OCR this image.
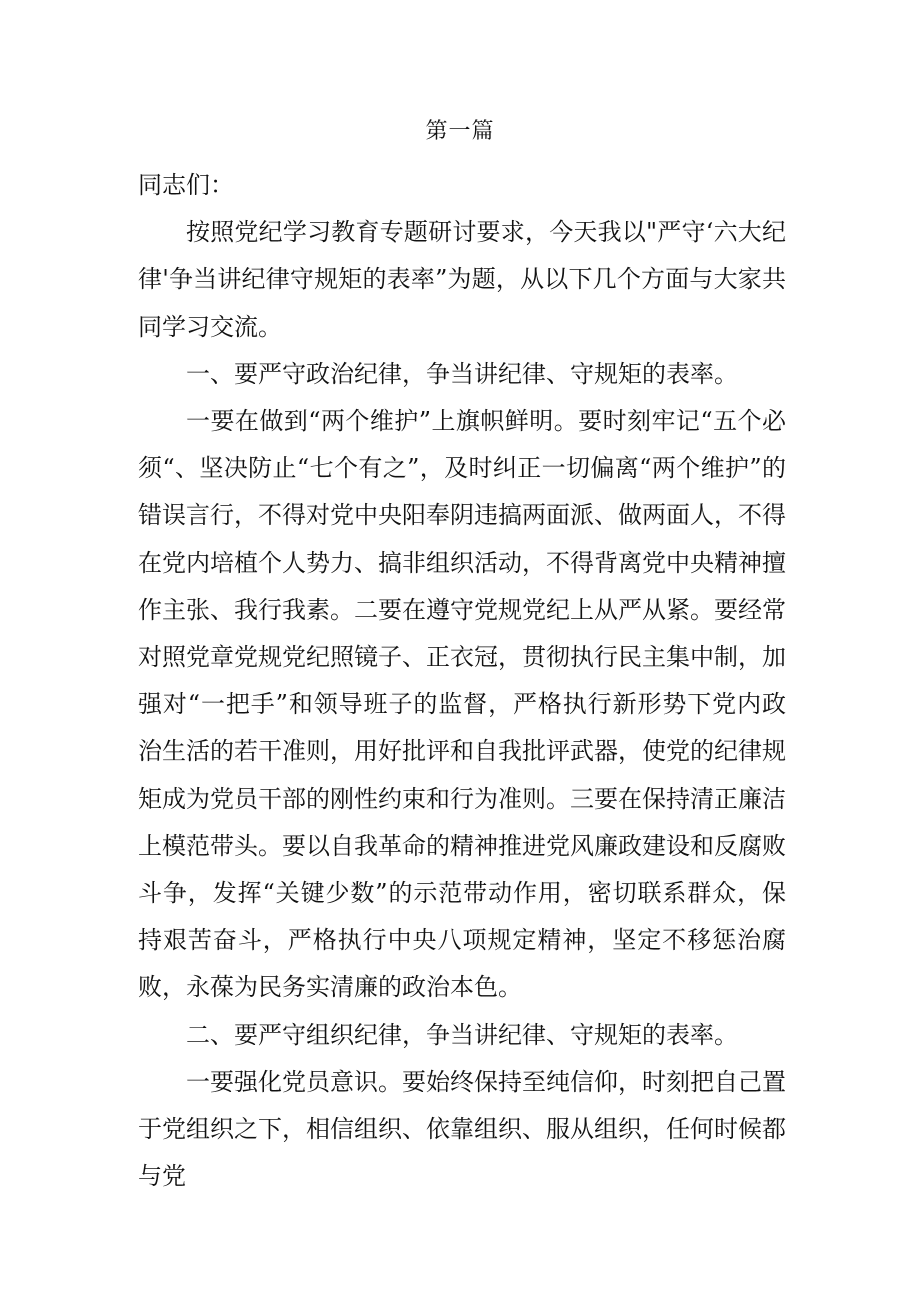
第一篇

同志们：

按照党纪学习教育专题研讨要求，今天我以"严守‘六大纪律'争当讲纪律守规矩的表率”为题，从以下几个方面与大家共同学习交流。

一、要严守政治纪律，争当讲纪律、守规矩的表率。

一要在做到“两个维护”上旗帜鲜明。要时刻牢记“五个必须“、坚决防止“七个有之”，及时纠正一切偏离“两个维护”的错误言行，不得对党中央阳奉阴违搞两面派、做两面人，不得在党内培植个人势力、搞非组织活动，不得背离党中央精神擅作主张、我行我素。二要在遵守党规党纪上从严从紧。要经常对照党章党规党纪照镜子、正衣冠，贯彻执行民主集中制，加强对“一把手”和领导班子的监督，严格执行新形势下党内政治生活的若干准则，用好批评和自我批评武器，使党的纪律规矩成为党员干部的刚性约束和行为准则。三要在保持清正廉洁上模范带头。要以自我革命的精神推进党风廉政建设和反腐败斗争，发挥“关键少数”的示范带动作用，密切联系群众，保持艰苦奋斗，严格执行中央八项规定精神，坚定不移惩治腐败，永葆为民务实清廉的政治本色。

二、要严守组织纪律，争当讲纪律、守规矩的表率。

一要强化党员意识。要始终保持至纯信仰，时刻把自己置于党组织之下，相信组织、依靠组织、服从组织，任何时候都与党
